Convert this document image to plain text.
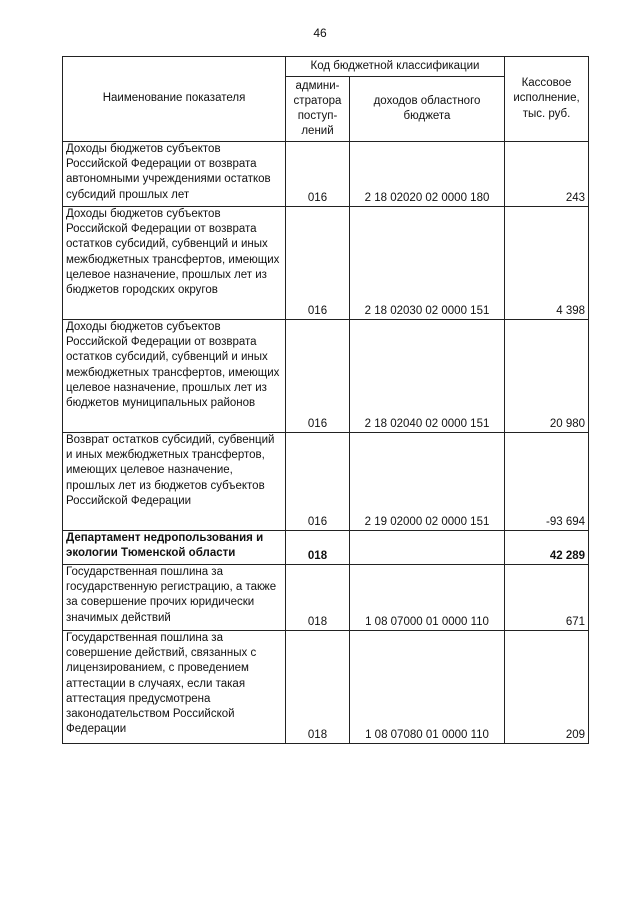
46
Наименование показателя	Код бюджетной классификации		Кассовое исполнение, тыс. руб.
	админи-стратора поступ-лений	доходов областного бюджета	
Доходы бюджетов субъектов Российской Федерации от возврата автономными учреждениями остатков субсидий прошлых лет	016	2 18 02020 02 0000 180	243
Доходы бюджетов субъектов Российской Федерации от возврата остатков субсидий, субвенций и иных межбюджетных трансфертов, имеющих целевое назначение, прошлых лет из бюджетов городских округов	016	2 18 02030 02 0000 151	4 398
Доходы бюджетов субъектов Российской Федерации от возврата остатков субсидий, субвенций и иных межбюджетных трансфертов, имеющих целевое назначение, прошлых лет из бюджетов муниципальных районов	016	2 18 02040 02 0000 151	20 980
Возврат остатков субсидий, субвенций и иных межбюджетных трансфертов, имеющих целевое назначение, прошлых лет из бюджетов субъектов Российской Федерации	016	2 19 02000 02 0000 151	-93 694
Департамент недропользования и экологии Тюменской области	018		42 289
Государственная пошлина за государственную регистрацию, а также за совершение прочих юридически значимых действий	018	1 08 07000 01 0000 110	671
Государственная пошлина за совершение действий, связанных с лицензированием, с проведением аттестации в случаях, если такая аттестация предусмотрена законодательством Российской Федерации	018	1 08 07080 01 0000 110	209
